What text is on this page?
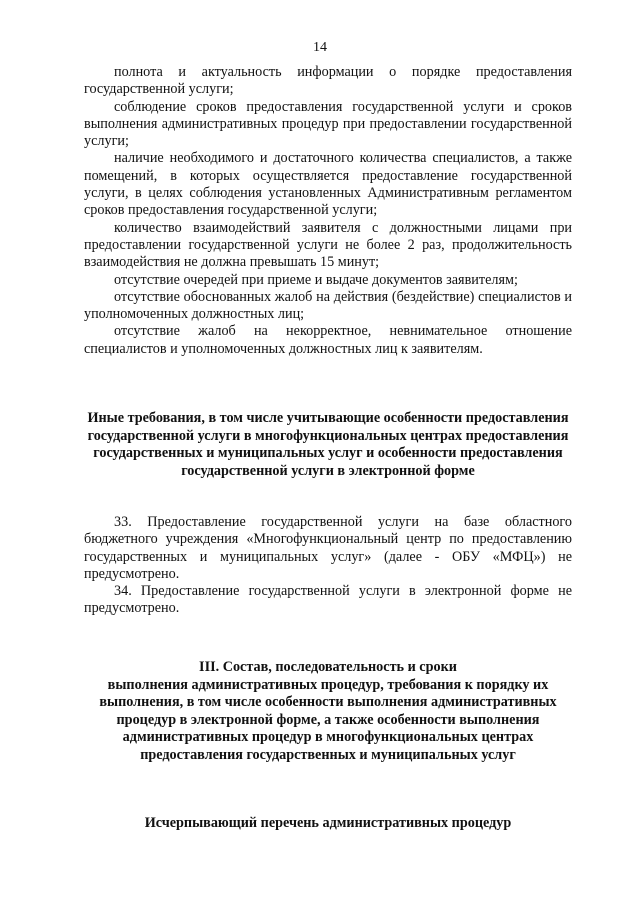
14

полнота и актуальность информации о порядке предоставления государственной услуги;

соблюдение сроков предоставления государственной услуги и сроков выполнения административных процедур при предоставлении государственной услуги;

наличие необходимого и достаточного количества специалистов, а также помещений, в которых осуществляется предоставление государственной услуги, в целях соблюдения установленных Административным регламентом сроков предоставления государственной услуги;

количество взаимодействий заявителя с должностными лицами при предоставлении государственной услуги не более 2 раз, продолжительность взаимодействия не должна превышать 15 минут;

отсутствие очередей при приеме и выдаче документов заявителям;

отсутствие обоснованных жалоб на действия (бездействие) специалистов и уполномоченных должностных лиц;

отсутствие жалоб на некорректное, невнимательное отношение специалистов и уполномоченных должностных лиц к заявителям.

Иные требования, в том числе учитывающие особенности предоставления государственной услуги в многофункциональных центрах предоставления государственных и муниципальных услуг и особенности предоставления государственной услуги в электронной форме

33. Предоставление государственной услуги на базе областного бюджетного учреждения «Многофункциональный центр по предоставлению государственных и муниципальных услуг» (далее - ОБУ «МФЦ») не предусмотрено.

34. Предоставление государственной услуги в электронной форме не предусмотрено.

III. Состав, последовательность и сроки

выполнения административных процедур, требования к порядку их выполнения, в том числе особенности выполнения административных процедур в электронной форме, а также особенности выполнения административных процедур в многофункциональных центрах предоставления государственных и муниципальных услуг

Исчерпывающий перечень административных процедур
